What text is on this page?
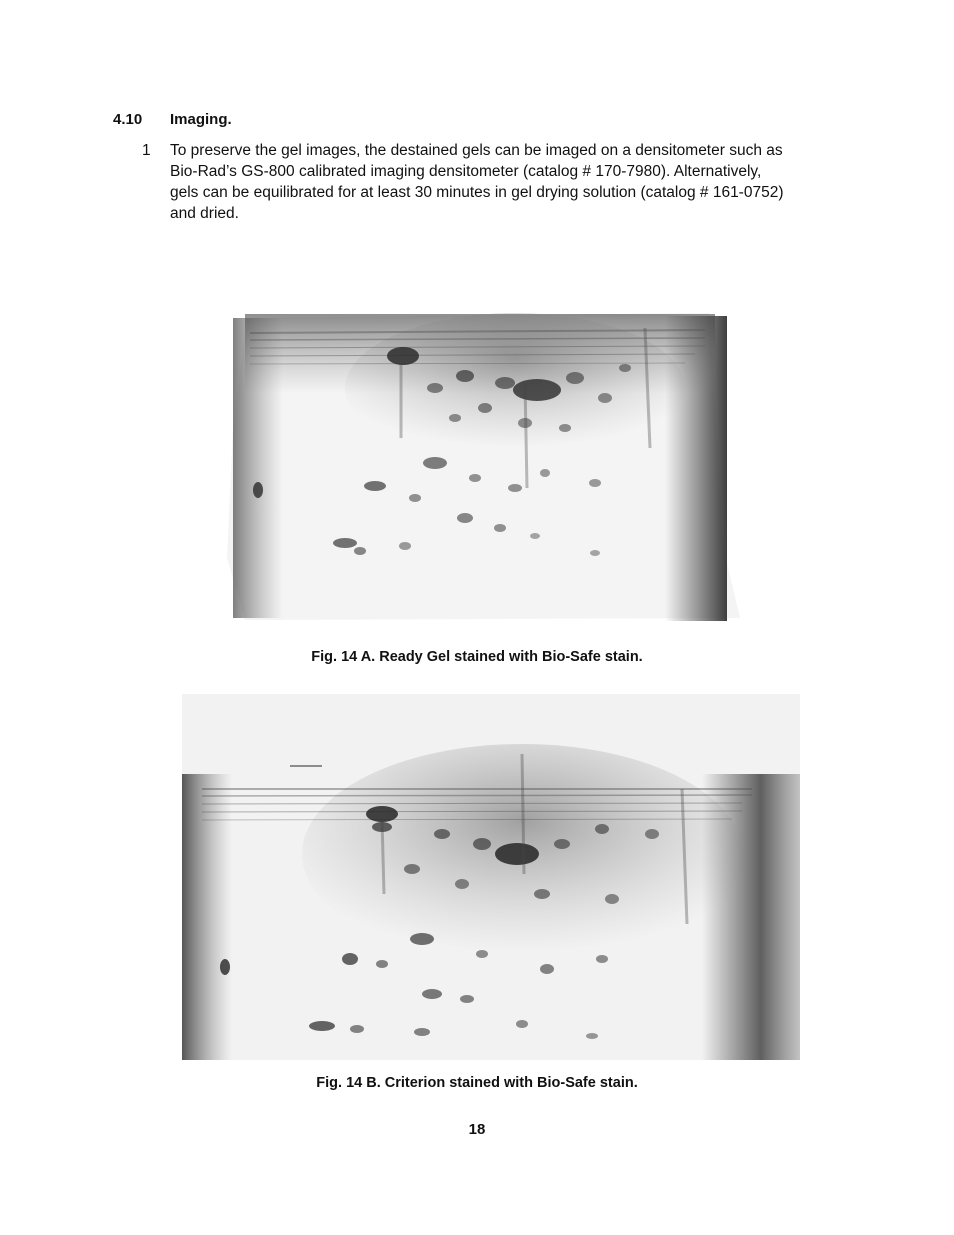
4.10 Imaging.
1 To preserve the gel images, the destained gels can be imaged on a densitometer such as
Bio-Rad’s GS-800 calibrated imaging densitometer (catalog # 170-7980). Alternatively,
gels can be equilibrated for at least 30 minutes in gel drying solution (catalog # 161-0752)
and dried.
Fig. 14 A. Ready Gel stained with Bio-Safe stain.
Fig. 14 B. Criterion stained with Bio-Safe stain.
18
